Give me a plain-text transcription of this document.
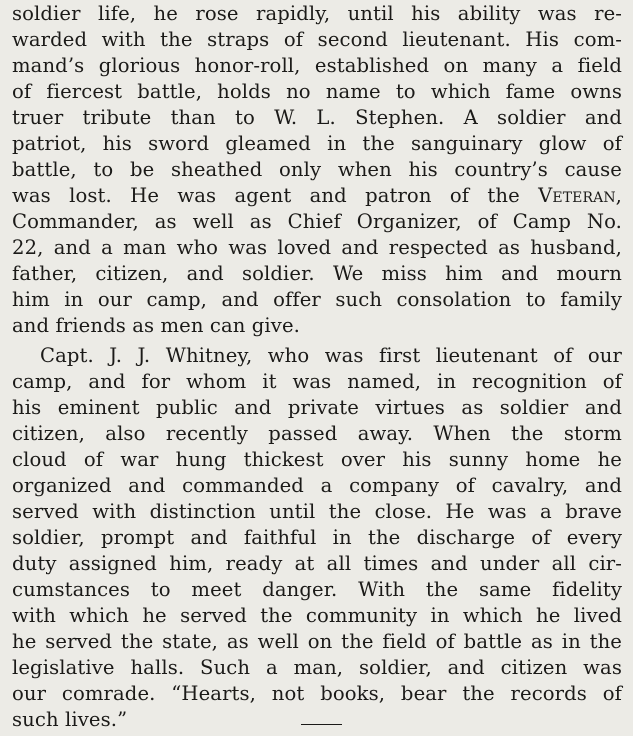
soldier life, he rose rapidly, until his ability was re-
warded with the straps of second lieutenant. His com-
mand’s glorious honor-roll, established on many a field
of fiercest battle, holds no name to which fame owns
truer tribute than to W. L. Stephen. A soldier and
patriot, his sword gleamed in the sanguinary glow of
battle, to be sheathed only when his country’s cause
was lost. He was agent and patron of the Veteran,
Commander, as well as Chief Organizer, of Camp No.
22, and a man who was loved and respected as husband,
father, citizen, and soldier. We miss him and mourn
him in our camp, and offer such consolation to family
and friends as men can give.
Capt. J. J. Whitney, who was first lieutenant of our
camp, and for whom it was named, in recognition of
his eminent public and private virtues as soldier and
citizen, also recently passed away. When the storm
cloud of war hung thickest over his sunny home he
organized and commanded a company of cavalry, and
served with distinction until the close. He was a brave
soldier, prompt and faithful in the discharge of every
duty assigned him, ready at all times and under all cir-
cumstances to meet danger. With the same fidelity
with which he served the community in which he lived
he served the state, as well on the field of battle as in the
legislative halls. Such a man, soldier, and citizen was
our comrade. “Hearts, not books, bear the records of
such lives.”
